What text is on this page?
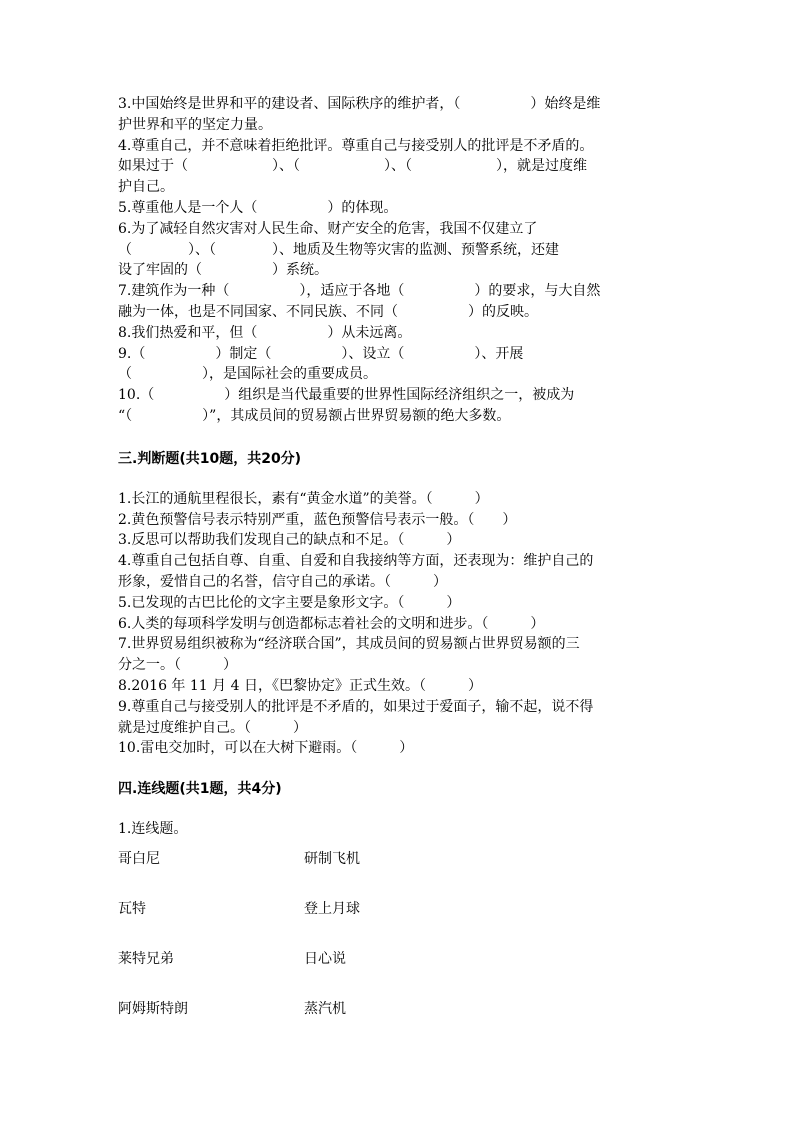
3.中国始终是世界和平的建设者、国际秩序的维护者，（　　　　　）始终是维
护世界和平的坚定力量。
4.尊重自己，并不意味着拒绝批评。尊重自己与接受别人的批评是不矛盾的。
如果过于（　　　　　　）、（　　　　　　）、（　　　　　　），就是过度维
护自己。
5.尊重他人是一个人（　　　　　）的体现。
6.为了减轻自然灾害对人民生命、财产安全的危害，我国不仅建立了
（　　　　）、（　　　　）、地质及生物等灾害的监测、预警系统，还建
设了牢固的（　　　　　）系统。
7.建筑作为一种（　　　　　），适应于各地（　　　　　）的要求，与大自然
融为一体，也是不同国家、不同民族、不同（　　　　　）的反映。
8.我们热爱和平，但（　　　　　）从未远离。
9.（　　　　　）制定（　　　　　）、设立（　　　　　）、开展
（　　　　　），是国际社会的重要成员。
10.（　　　　　）组织是当代最重要的世界性国际经济组织之一，被成为
“（　　　　　）”，其成员间的贸易额占世界贸易额的绝大多数。
三.判断题(共10题，共20分)
1.长江的通航里程很长，素有“黄金水道”的美誉。（　　　）
2.黄色预警信号表示特别严重，蓝色预警信号表示一般。（　　）
3.反思可以帮助我们发现自己的缺点和不足。（　　　）
4.尊重自己包括自尊、自重、自爱和自我接纳等方面，还表现为：维护自己的
形象，爱惜自己的名誉，信守自己的承诺。（　　　）
5.已发现的古巴比伦的文字主要是象形文字。（　　　）
6.人类的每项科学发明与创造都标志着社会的文明和进步。（　　　）
7.世界贸易组织被称为“经济联合国”，其成员间的贸易额占世界贸易额的三
分之一。（　　　）
8.2016 年 11 月 4 日，《巴黎协定》正式生效。（　　　）
9.尊重自己与接受别人的批评是不矛盾的，如果过于爱面子，输不起，说不得
就是过度维护自己。（　　　）
10.雷电交加时，可以在大树下避雨。（　　　）
四.连线题(共1题，共4分)
1.连线题。
哥白尼	研制飞机
瓦特	登上月球
莱特兄弟	日心说
阿姆斯特朗	蒸汽机
